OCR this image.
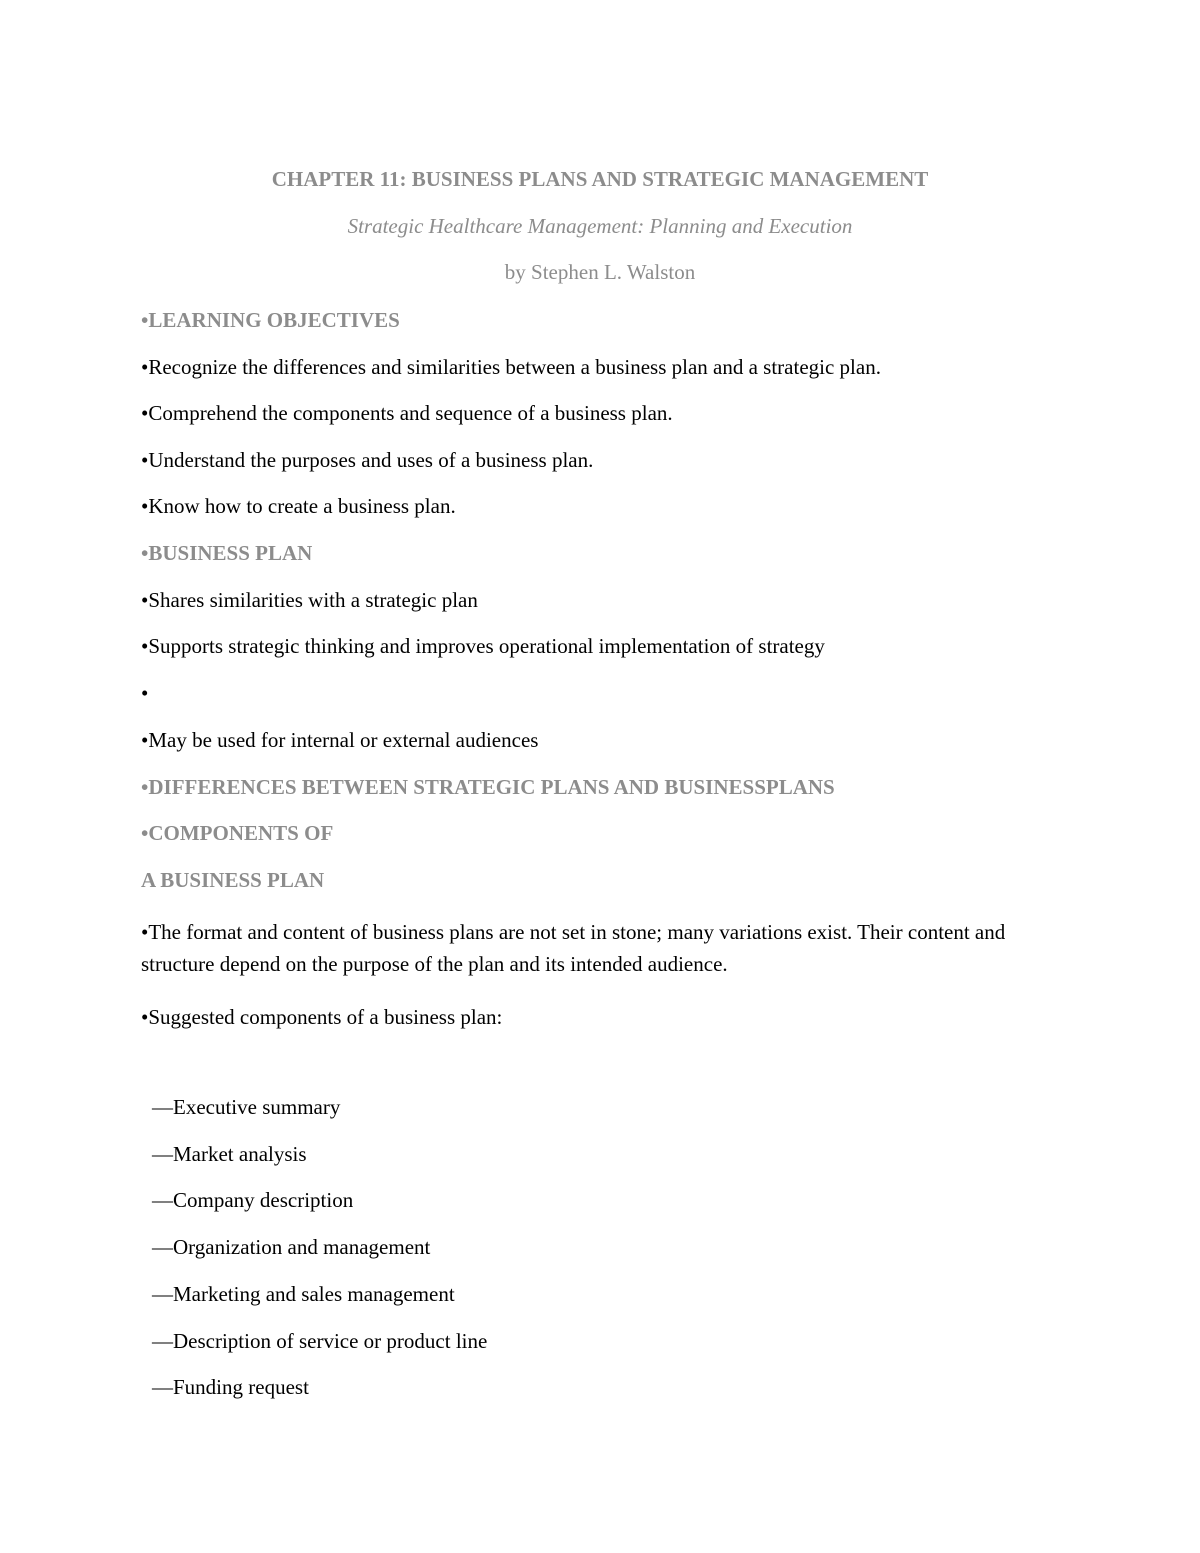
CHAPTER 11: BUSINESS PLANS AND STRATEGIC MANAGEMENT
Strategic Healthcare Management: Planning and Execution
by Stephen L. Walston
•LEARNING OBJECTIVES
•Recognize the differences and similarities between a business plan and a strategic plan.
•Comprehend the components and sequence of a business plan.
•Understand the purposes and uses of a business plan.
•Know how to create a business plan.
•BUSINESS PLAN
•Shares similarities with a strategic plan
•Supports strategic thinking and improves operational implementation of strategy
•
•May be used for internal or external audiences
•DIFFERENCES BETWEEN STRATEGIC PLANS AND BUSINESSPLANS
•COMPONENTS OF
A BUSINESS PLAN
•The format and content of business plans are not set in stone; many variations exist. Their content and structure depend on the purpose of the plan and its intended audience.
•Suggested components of a business plan:
—Executive summary
—Market analysis
—Company description
—Organization and management
—Marketing and sales management
—Description of service or product line
—Funding request
